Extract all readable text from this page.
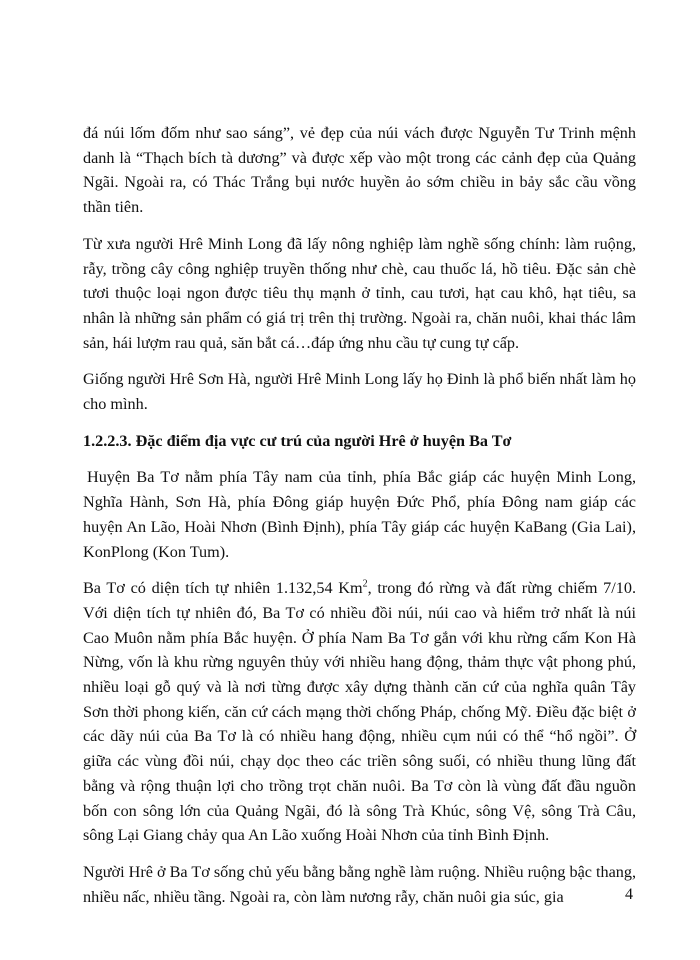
đá núi lốm đốm như sao sáng”, vẻ đẹp của núi vách được Nguyễn Tư Trinh mệnh danh là “Thạch bích tà dương” và được xếp vào một trong các cảnh đẹp của Quảng Ngãi. Ngoài ra, có Thác Trắng bụi nước huyền ảo sớm chiều in bảy sắc cầu vồng thần tiên.

Từ xưa người Hrê Minh Long đã lấy nông nghiệp làm nghề sống chính: làm ruộng, rẫy, trồng cây công nghiệp truyền thống như chè, cau thuốc lá, hồ tiêu. Đặc sản chè tươi thuộc loại ngon được tiêu thụ mạnh ở tỉnh, cau tươi, hạt cau khô, hạt tiêu, sa nhân là những sản phẩm có giá trị trên thị trường. Ngoài ra, chăn nuôi, khai thác lâm sản, hái lượm rau quả, săn bắt cá…đáp ứng nhu cầu tự cung tự cấp.

Giống người Hrê Sơn Hà, người Hrê Minh Long lấy họ Đinh là phổ biến nhất làm họ cho mình.

1.2.2.3. Đặc điểm địa vực cư trú của người Hrê ở huyện Ba Tơ

Huyện Ba Tơ nằm phía Tây nam của tỉnh, phía Bắc giáp các huyện Minh Long, Nghĩa Hành, Sơn Hà, phía Đông giáp huyện Đức Phổ, phía Đông nam giáp các huyện An Lão, Hoài Nhơn (Bình Định), phía Tây giáp các huyện KaBang (Gia Lai), KonPlong (Kon Tum).

Ba Tơ có diện tích tự nhiên 1.132,54 Km$^2$, trong đó rừng và đất rừng chiếm 7/10. Với diện tích tự nhiên đó, Ba Tơ có nhiều đồi núi, núi cao và hiểm trở nhất là núi Cao Muôn nằm phía Bắc huyện. Ở phía Nam Ba Tơ gắn với khu rừng cấm Kon Hà Nừng, vốn là khu rừng nguyên thủy với nhiều hang động, thảm thực vật phong phú, nhiều loại gỗ quý và là nơi từng được xây dựng thành căn cứ của nghĩa quân Tây Sơn thời phong kiến, căn cứ cách mạng thời chống Pháp, chống Mỹ. Điều đặc biệt ở các dãy núi của Ba Tơ là có nhiều hang động, nhiều cụm núi có thể “hổ ngồi”. Ở giữa các vùng đồi núi, chạy dọc theo các triền sông suối, có nhiều thung lũng đất bằng và rộng thuận lợi cho trồng trọt chăn nuôi. Ba Tơ còn là vùng đất đầu nguồn bốn con sông lớn của Quảng Ngãi, đó là sông Trà Khúc, sông Vệ, sông Trà Câu, sông Lại Giang chảy qua An Lão xuống Hoài Nhơn của tỉnh Bình Định.

Người Hrê ở Ba Tơ sống chủ yếu bằng bằng nghề làm ruộng. Nhiều ruộng bậc thang, nhiều nấc, nhiều tầng. Ngoài ra, còn làm nương rẫy, chăn nuôi gia súc, gia	4
